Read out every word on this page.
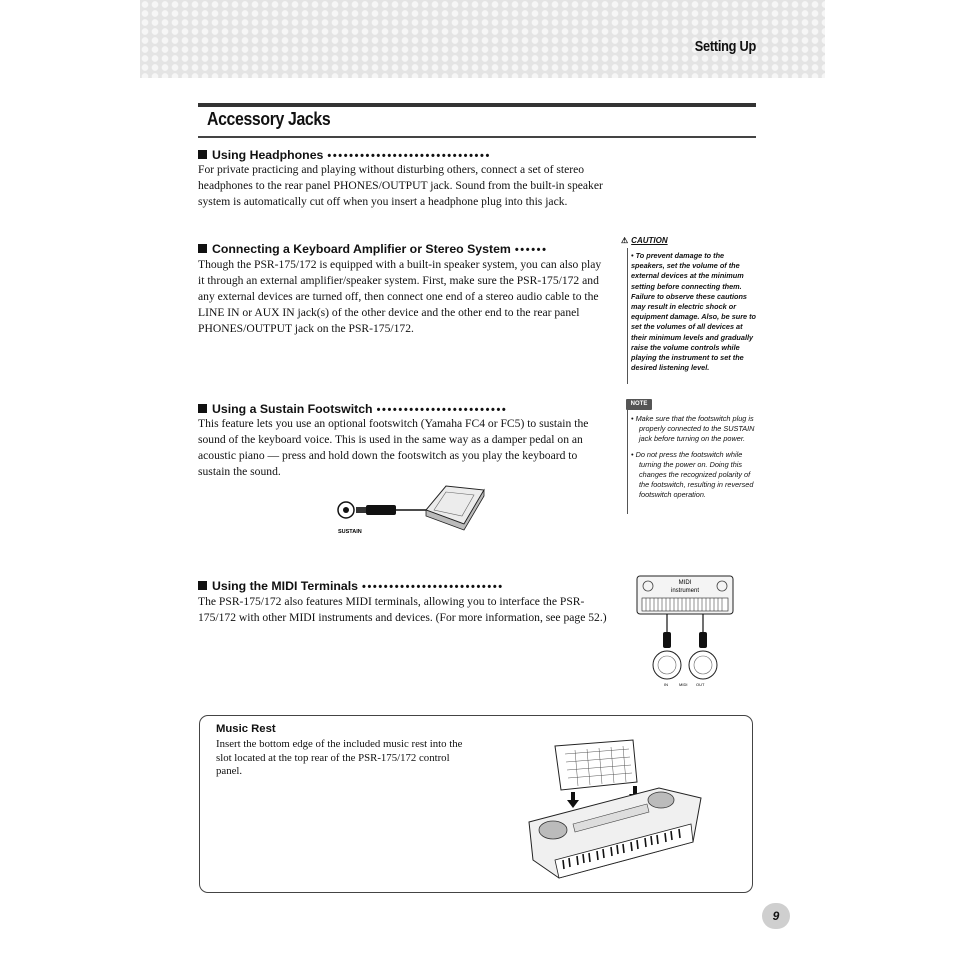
Setting Up
Accessory Jacks
Using Headphones ••••••••••••••••••••••••••••••
For private practicing and playing without disturbing others, connect a set of stereo headphones to the rear panel PHONES/OUTPUT jack. Sound from the built-in speaker system is automatically cut off when you insert a headphone plug into this jack.
Connecting a Keyboard Amplifier or Stereo System ••••••
Though the PSR-175/172 is equipped with a built-in speaker system, you can also play it through an external amplifier/speaker system. First, make sure the PSR-175/172 and any external devices are turned off, then connect one end of a stereo audio cable to the LINE IN or AUX IN jack(s) of the other device and the other end to the rear panel PHONES/OUTPUT jack on the PSR-175/172.
⚠ CAUTION
• To prevent damage to the speakers, set the volume of the external devices at the minimum setting before connecting them. Failure to observe these cautions may result in electric shock or equipment damage. Also, be sure to set the volumes of all devices at their minimum levels and gradually raise the volume controls while playing the instrument to set the desired listening level.
Using a Sustain Footswitch ••••••••••••••••••••••••
This feature lets you use an optional footswitch (Yamaha FC4 or FC5) to sustain the sound of the keyboard voice. This is used in the same way as a damper pedal on an acoustic piano — press and hold down the footswitch as you play the keyboard to sustain the sound.
NOTE

• Make sure that the footswitch plug is properly connected to the SUSTAIN jack before turning on the power.

• Do not press the footswitch while turning the power on. Doing this changes the recognized polarity of the footswitch, resulting in reversed footswitch operation.

SUSTAIN
Using the MIDI Terminals ••••••••••••••••••••••••••
The PSR-175/172 also features MIDI terminals, allowing you to interface the PSR-175/172 with other MIDI instruments and devices. (For more information, see page 52.)
MIDI
instrument
IN	MIDI OUT
Music Rest
Insert the bottom edge of the included music rest into the slot located at the top rear of the PSR-175/172 control panel.
9
